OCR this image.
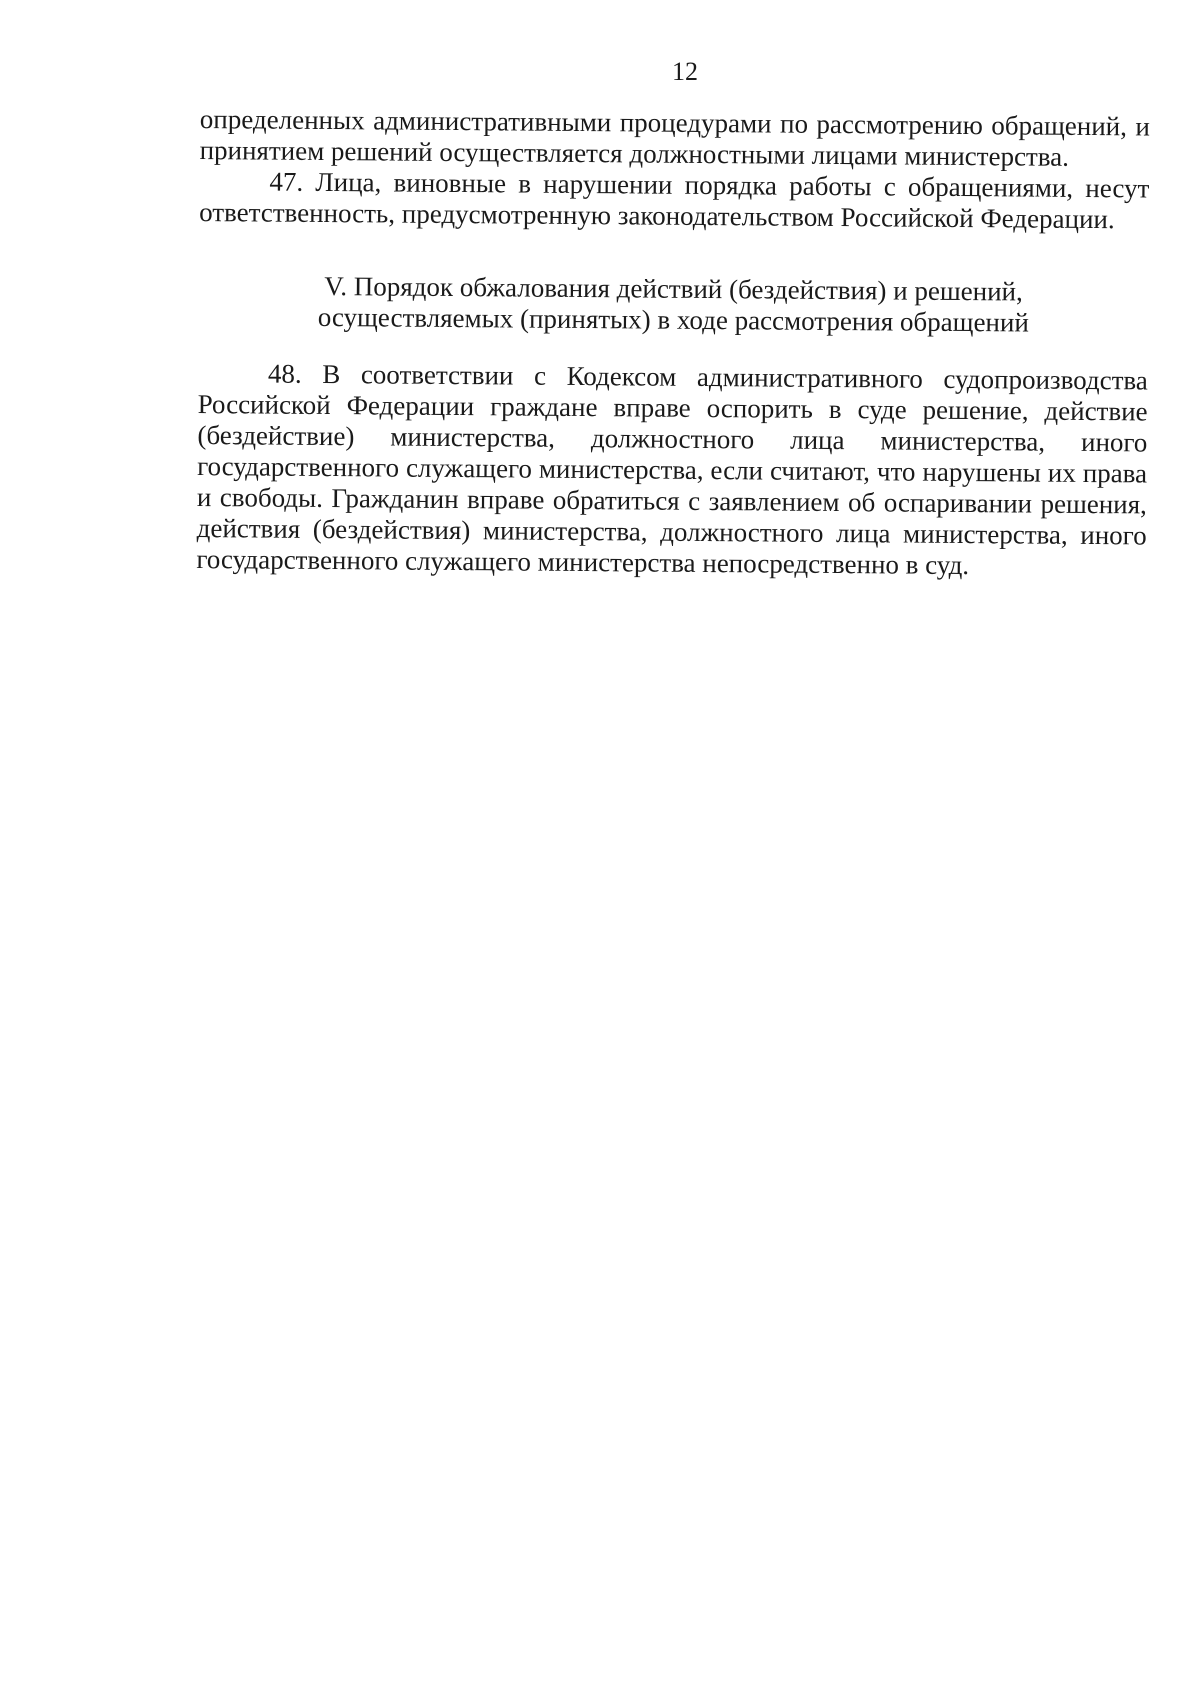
12

определенных административными процедурами по рассмотрению обращений, и принятием решений осуществляется должностными лицами министерства.

47. Лица, виновные в нарушении порядка работы с обращениями, несут ответственность, предусмотренную законодательством Российской Федерации.

V. Порядок обжалования действий (бездействия) и решений,
осуществляемых (принятых) в ходе рассмотрения обращений

48. В соответствии с Кодексом административного судопроизводства Российской Федерации граждане вправе оспорить в суде решение, действие (бездействие) министерства, должностного лица министерства, иного государственного служащего министерства, если считают, что нарушены их права и свободы. Гражданин вправе обратиться с заявлением об оспаривании решения, действия (бездействия) министерства, должностного лица министерства, иного государственного служащего министерства непосредственно в суд.
